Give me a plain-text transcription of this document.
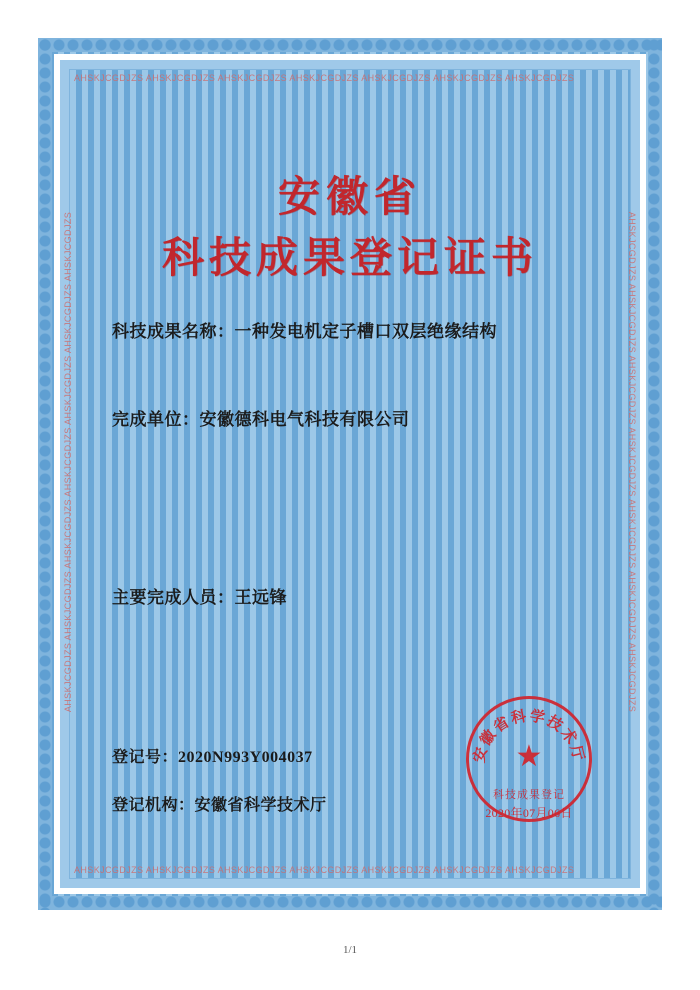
AHSKJCGDJZS AHSKJCGDJZS AHSKJCGDJZS AHSKJCGDJZS AHSKJCGDJZS AHSKJCGDJZS AHSKJCGDJZS
AHSKJCGDJZS AHSKJCGDJZS AHSKJCGDJZS AHSKJCGDJZS AHSKJCGDJZS AHSKJCGDJZS AHSKJCGDJZS
AHSKJCGDJZS AHSKJCGDJZS AHSKJCGDJZS AHSKJCGDJZS AHSKJCGDJZS AHSKJCGDJZS AHSKJCGDJZS	AHSKJCGDJZS AHSKJCGDJZS AHSKJCGDJZS AHSKJCGDJZS AHSKJCGDJZS AHSKJCGDJZS AHSKJCGDJZS
安徽省
科技成果登记证书
科技成果名称：一种发电机定子槽口双层绝缘结构
完成单位：安徽德科电气科技有限公司
主要完成人员：王远锋
登记号：2020N993Y004037
登记机构：安徽省科学技术厅
安徽省科学技术厅
★
科技成果登记
2020年07月06日
1/1
